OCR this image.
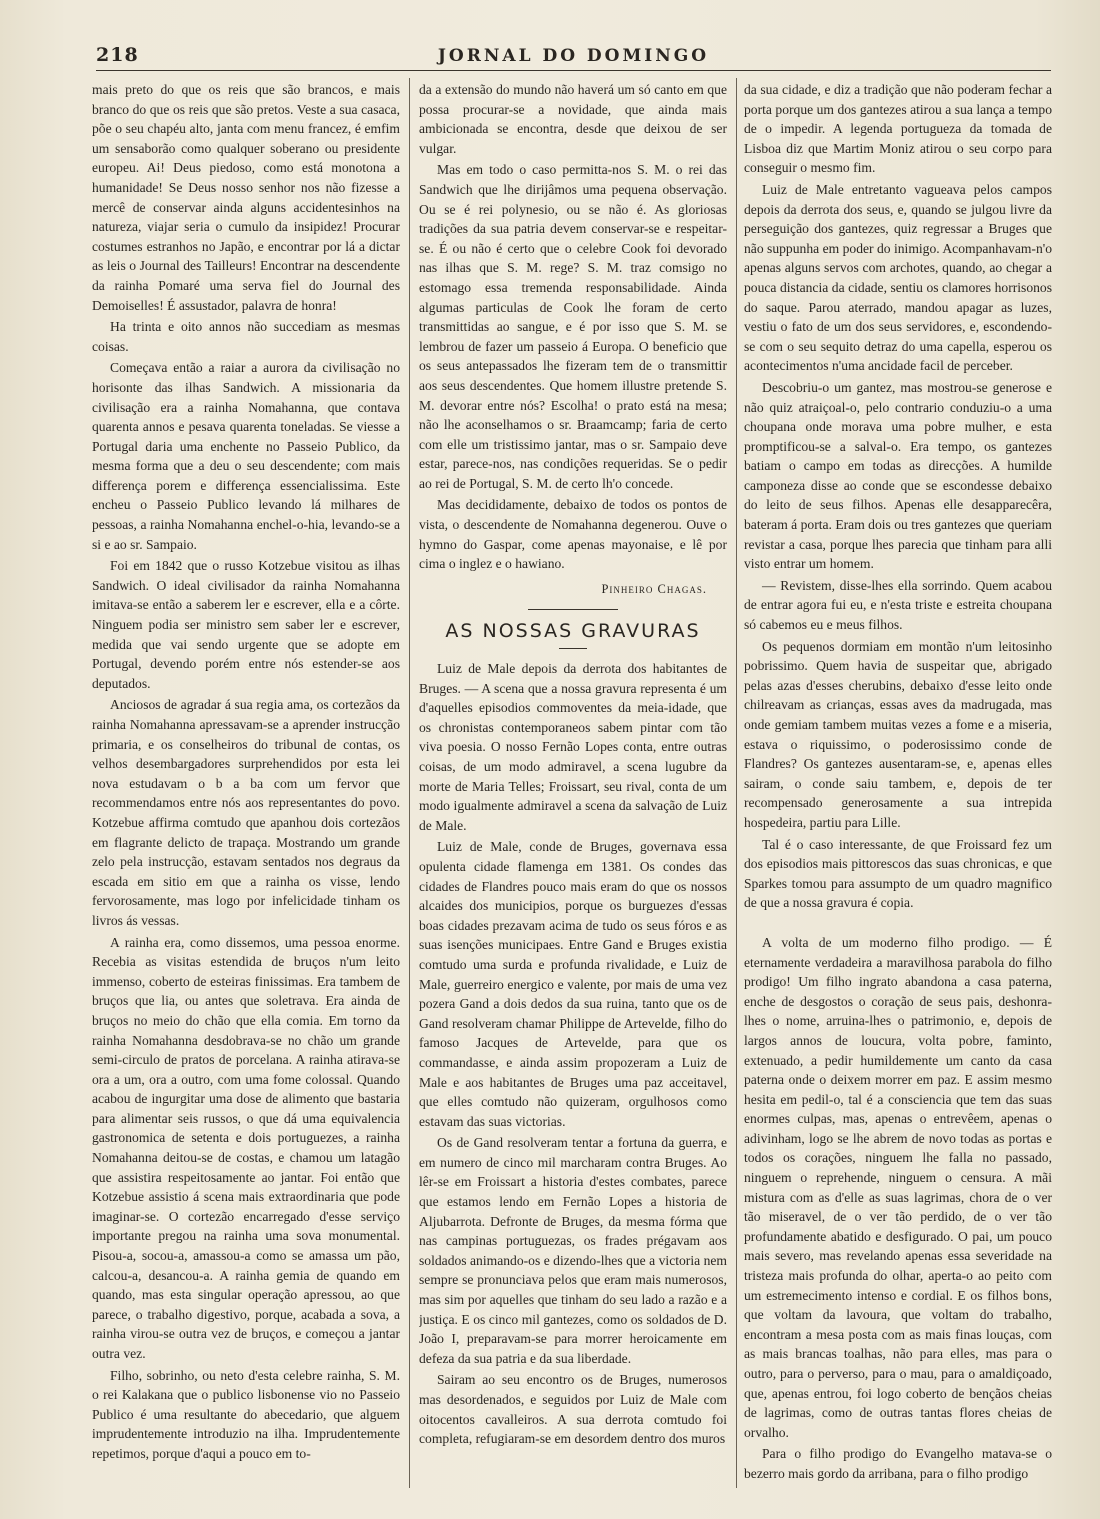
218	JORNAL DO DOMINGO

mais preto do que os reis que são brancos, e mais branco do que os reis que são pretos. Veste a sua casaca, põe o seu chapéu alto, janta com menu francez, é emfim um sensaborão como qualquer soberano ou presidente europeu. Ai! Deus piedoso, como está monotona a humanidade! Se Deus nosso senhor nos não fizesse a mercê de conservar ainda alguns accidentesinhos na natureza, viajar seria o cumulo da insipidez! Procurar costumes estranhos no Japão, e encontrar por lá a dictar as leis o Journal des Tailleurs! Encontrar na descendente da rainha Pomaré uma serva fiel do Journal des Demoiselles! É assustador, palavra de honra!

Ha trinta e oito annos não succediam as mesmas coisas.

Começava então a raiar a aurora da civilisação no horisonte das ilhas Sandwich. A missionaria da civilisação era a rainha Nomahanna, que contava quarenta annos e pesava quarenta toneladas. Se viesse a Portugal daria uma enchente no Passeio Publico, da mesma forma que a deu o seu descendente; com mais differença porem e differença essencialissima. Este encheu o Passeio Publico levando lá milhares de pessoas, a rainha Nomahanna enchel-o-hia, levando-se a si e ao sr. Sampaio.

Foi em 1842 que o russo Kotzebue visitou as ilhas Sandwich. O ideal civilisador da rainha Nomahanna imitava-se então a saberem ler e escrever, ella e a côrte. Ninguem podia ser ministro sem saber ler e escrever, medida que vai sendo urgente que se adopte em Portugal, devendo porém entre nós estender-se aos deputados.

Anciosos de agradar á sua regia ama, os cortezãos da rainha Nomahanna apressavam-se a aprender instrucção primaria, e os conselheiros do tribunal de contas, os velhos desembargadores surprehendidos por esta lei nova estudavam o b a ba com um fervor que recommendamos entre nós aos representantes do povo. Kotzebue affirma comtudo que apanhou dois cortezãos em flagrante delicto de trapaça. Mostrando um grande zelo pela instrucção, estavam sentados nos degraus da escada em sitio em que a rainha os visse, lendo fervorosamente, mas logo por infelicidade tinham os livros ás vessas.

A rainha era, como dissemos, uma pessoa enorme. Recebia as visitas estendida de bruços n'um leito immenso, coberto de esteiras finissimas. Era tambem de bruços que lia, ou antes que soletrava. Era ainda de bruços no meio do chão que ella comia. Em torno da rainha Nomahanna desdobrava-se no chão um grande semi-circulo de pratos de porcelana. A rainha atirava-se ora a um, ora a outro, com uma fome colossal. Quando acabou de ingurgitar uma dose de alimento que bastaria para alimentar seis russos, o que dá uma equivalencia gastronomica de setenta e dois portuguezes, a rainha Nomahanna deitou-se de costas, e chamou um latagão que assistira respeitosamente ao jantar. Foi então que Kotzebue assistio á scena mais extraordinaria que pode imaginar-se. O cortezão encarregado d'esse serviço importante pregou na rainha uma sova monumental. Pisou-a, socou-a, amassou-a como se amassa um pão, calcou-a, desancou-a. A rainha gemia de quando em quando, mas esta singular operação apressou, ao que parece, o trabalho digestivo, porque, acabada a sova, a rainha virou-se outra vez de bruços, e começou a jantar outra vez.

Filho, sobrinho, ou neto d'esta celebre rainha, S. M. o rei Kalakana que o publico lisbonense vio no Passeio Publico é uma resultante do abecedario, que alguem imprudentemente introduzio na ilha. Imprudentemente repetimos, porque d'aqui a pouco em to-

da a extensão do mundo não haverá um só canto em que possa procurar-se a novidade, que ainda mais ambicionada se encontra, desde que deixou de ser vulgar.

Mas em todo o caso permitta-nos S. M. o rei das Sandwich que lhe dirijâmos uma pequena observação. Ou se é rei polynesio, ou se não é. As gloriosas tradições da sua patria devem conservar-se e respeitar-se. É ou não é certo que o celebre Cook foi devorado nas ilhas que S. M. rege? S. M. traz comsigo no estomago essa tremenda responsabilidade. Ainda algumas particulas de Cook lhe foram de certo transmittidas ao sangue, e é por isso que S. M. se lembrou de fazer um passeio á Europa. O beneficio que os seus antepassados lhe fizeram tem de o transmittir aos seus descendentes. Que homem illustre pretende S. M. devorar entre nós? Escolha! o prato está na mesa; não lhe aconselhamos o sr. Braamcamp; faria de certo com elle um tristissimo jantar, mas o sr. Sampaio deve estar, parece-nos, nas condições requeridas. Se o pedir ao rei de Portugal, S. M. de certo lh'o concede.

Mas decididamente, debaixo de todos os pontos de vista, o descendente de Nomahanna degenerou. Ouve o hymno do Gaspar, come apenas mayonaise, e lê por cima o inglez e o hawiano.

Pinheiro Chagas.
AS NOSSAS GRAVURAS

Luiz de Male depois da derrota dos habitantes de Bruges. — A scena que a nossa gravura representa é um d'aquelles episodios commoventes da meia-idade, que os chronistas contemporaneos sabem pintar com tão viva poesia. O nosso Fernão Lopes conta, entre outras coisas, de um modo admiravel, a scena lugubre da morte de Maria Telles; Froissart, seu rival, conta de um modo igualmente admiravel a scena da salvação de Luiz de Male.

Luiz de Male, conde de Bruges, governava essa opulenta cidade flamenga em 1381. Os condes das cidades de Flandres pouco mais eram do que os nossos alcaides dos municipios, porque os burguezes d'essas boas cidades prezavam acima de tudo os seus fóros e as suas isenções municipaes. Entre Gand e Bruges existia comtudo uma surda e profunda rivalidade, e Luiz de Male, guerreiro energico e valente, por mais de uma vez pozera Gand a dois dedos da sua ruina, tanto que os de Gand resolveram chamar Philippe de Artevelde, filho do famoso Jacques de Artevelde, para que os commandasse, e ainda assim propozeram a Luiz de Male e aos habitantes de Bruges uma paz acceitavel, que elles comtudo não quizeram, orgulhosos como estavam das suas victorias.

Os de Gand resolveram tentar a fortuna da guerra, e em numero de cinco mil marcharam contra Bruges. Ao lêr-se em Froissart a historia d'estes combates, parece que estamos lendo em Fernão Lopes a historia de Aljubarrota. Defronte de Bruges, da mesma fórma que nas campinas portuguezas, os frades prégavam aos soldados animando-os e dizendo-lhes que a victoria nem sempre se pronunciava pelos que eram mais numerosos, mas sim por aquelles que tinham do seu lado a razão e a justiça. E os cinco mil gantezes, como os soldados de D. João I, preparavam-se para morrer heroicamente em defeza da sua patria e da sua liberdade.

Sairam ao seu encontro os de Bruges, numerosos mas desordenados, e seguidos por Luiz de Male com oitocentos cavalleiros. A sua derrota comtudo foi completa, refugiaram-se em desordem dentro dos muros

da sua cidade, e diz a tradição que não poderam fechar a porta porque um dos gantezes atirou a sua lança a tempo de o impedir. A legenda portugueza da tomada de Lisboa diz que Martim Moniz atirou o seu corpo para conseguir o mesmo fim.

Luiz de Male entretanto vagueava pelos campos depois da derrota dos seus, e, quando se julgou livre da perseguição dos gantezes, quiz regressar a Bruges que não suppunha em poder do inimigo. Acompanhavam-n'o apenas alguns servos com archotes, quando, ao chegar a pouca distancia da cidade, sentiu os clamores horrisonos do saque. Parou aterrado, mandou apagar as luzes, vestiu o fato de um dos seus servidores, e, escondendo-se com o seu sequito detraz do uma capella, esperou os acontecimentos n'uma ancidade facil de perceber.

Descobriu-o um gantez, mas mostrou-se generose e não quiz atraiçoal-o, pelo contrario conduziu-o a uma choupana onde morava uma pobre mulher, e esta promptificou-se a salval-o. Era tempo, os gantezes batiam o campo em todas as direcções. A humilde camponeza disse ao conde que se escondesse debaixo do leito de seus filhos. Apenas elle desapparecêra, bateram á porta. Eram dois ou tres gantezes que queriam revistar a casa, porque lhes parecia que tinham para alli visto entrar um homem.

— Revistem, disse-lhes ella sorrindo. Quem acabou de entrar agora fui eu, e n'esta triste e estreita choupana só cabemos eu e meus filhos.

Os pequenos dormiam em montão n'um leitosinho pobrissimo. Quem havia de suspeitar que, abrigado pelas azas d'esses cherubins, debaixo d'esse leito onde chilreavam as crianças, essas aves da madrugada, mas onde gemiam tambem muitas vezes a fome e a miseria, estava o riquissimo, o poderosissimo conde de Flandres? Os gantezes ausentaram-se, e, apenas elles sairam, o conde saiu tambem, e, depois de ter recompensado generosamente a sua intrepida hospedeira, partiu para Lille.

Tal é o caso interessante, de que Froissard fez um dos episodios mais pittorescos das suas chronicas, e que Sparkes tomou para assumpto de um quadro magnifico de que a nossa gravura é copia.

A volta de um moderno filho prodigo. — É eternamente verdadeira a maravilhosa parabola do filho prodigo! Um filho ingrato abandona a casa paterna, enche de desgostos o coração de seus pais, deshonra-lhes o nome, arruina-lhes o patrimonio, e, depois de largos annos de loucura, volta pobre, faminto, extenuado, a pedir humildemente um canto da casa paterna onde o deixem morrer em paz. E assim mesmo hesita em pedil-o, tal é a consciencia que tem das suas enormes culpas, mas, apenas o entrevêem, apenas o adivinham, logo se lhe abrem de novo todas as portas e todos os corações, ninguem lhe falla no passado, ninguem o reprehende, ninguem o censura. A mãi mistura com as d'elle as suas lagrimas, chora de o ver tão miseravel, de o ver tão perdido, de o ver tão profundamente abatido e desfigurado. O pai, um pouco mais severo, mas revelando apenas essa severidade na tristeza mais profunda do olhar, aperta-o ao peito com um estremecimento intenso e cordial. E os filhos bons, que voltam da lavoura, que voltam do trabalho, encontram a mesa posta com as mais finas louças, com as mais brancas toalhas, não para elles, mas para o outro, para o perverso, para o mau, para o amaldiçoado, que, apenas entrou, foi logo coberto de bençãos cheias de lagrimas, como de outras tantas flores cheias de orvalho.

Para o filho prodigo do Evangelho matava-se o bezerro mais gordo da arribana, para o filho prodigo
